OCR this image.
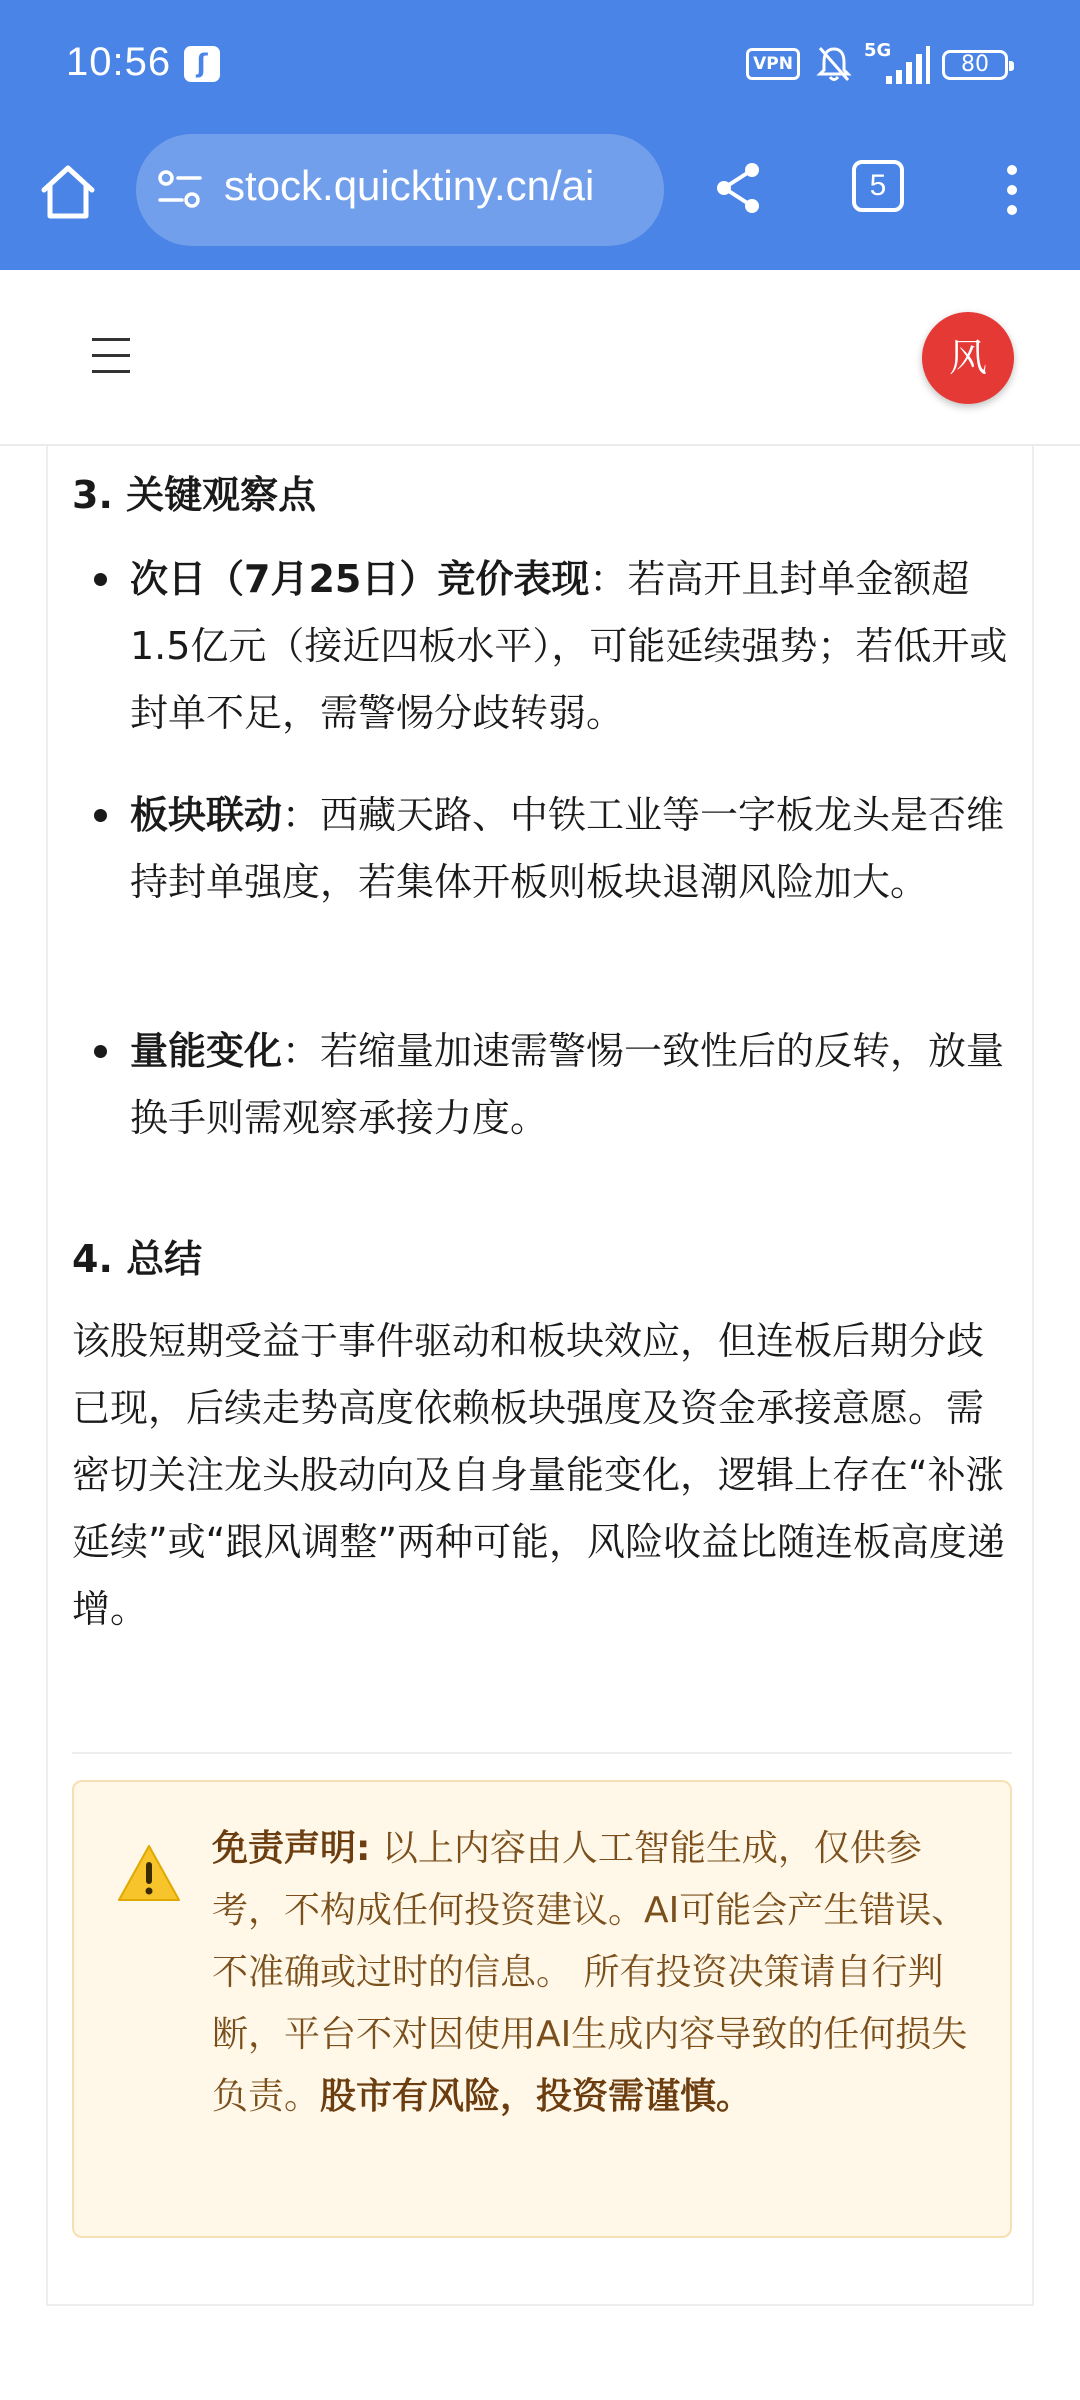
10:56 ʃ	VPN
5G
80
stock.quicktiny.cn/ai	5
风
3. 关键观察点
次日（7月25日）竞价表现：若高开且封单金额超1.5亿元（接近四板水平），可能延续强势；若低开或封单不足，需警惕分歧转弱。
板块联动：西藏天路、中铁工业等一字板龙头是否维持封单强度，若集体开板则板块退潮风险加大。
量能变化：若缩量加速需警惕一致性后的反转，放量换手则需观察承接力度。
4. 总结
该股短期受益于事件驱动和板块效应，但连板后期分歧已现，后续走势高度依赖板块强度及资金承接意愿。需密切关注龙头股动向及自身量能变化，逻辑上存在“补涨延续”或“跟风调整”两种可能，风险收益比随连板高度递增。
免责声明: 以上内容由人工智能生成，仅供参考，不构成任何投资建议。AI可能会产生错误、不准确或过时的信息。 所有投资决策请自行判断，平台不对因使用AI生成内容导致的任何损失负责。股市有风险，投资需谨慎。
